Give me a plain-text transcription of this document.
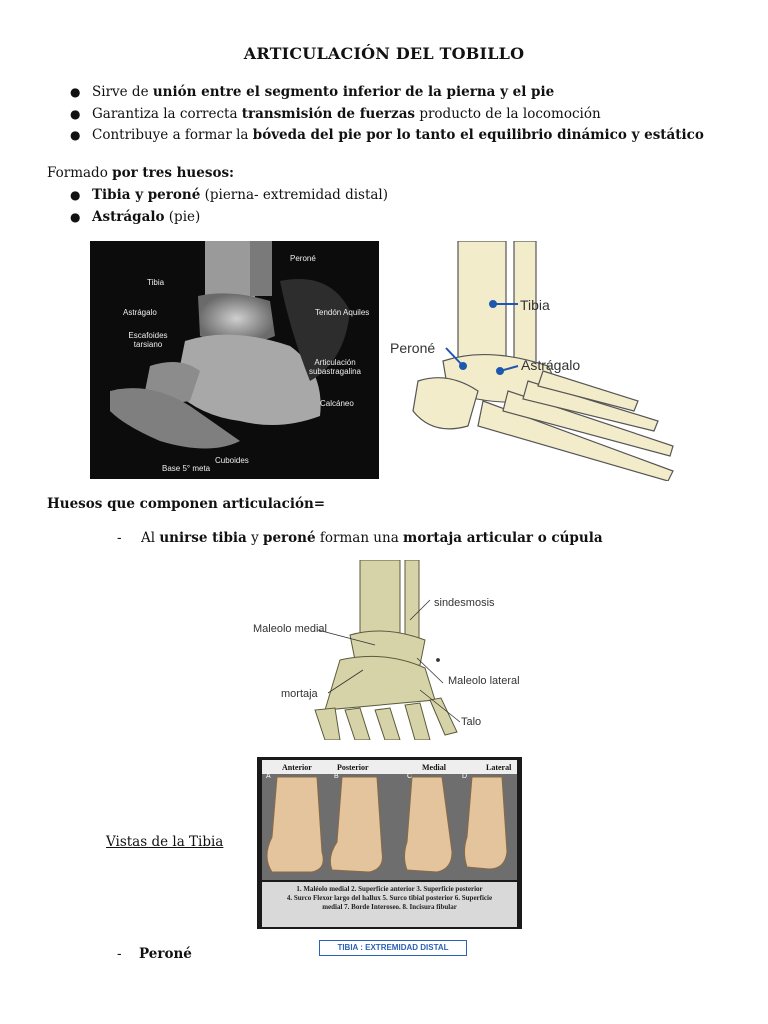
ARTICULACIÓN DEL TOBILLO
● Sirve de unión entre el segmento inferior de la pierna y el pie
● Garantiza la correcta transmisión de fuerzas producto de la locomoción
● Contribuye a formar la bóveda del pie por lo tanto el equilibrio dinámico y estático
Formado por tres huesos:
● Tibia y peroné (pierna- extremidad distal)
● Astrágalo (pie)
Peroné
Tibia
Astrágalo	Tendón Aquiles
Escafoides tarsiano
Articulación subastragalina
Calcáneo
Cuboides
Base 5° meta
Tibia
Peroné
Astrágalo
Huesos que componen articulación=
- Al unirse tibia y peroné forman una mortaja articular o cúpula
sindesmosis
Maleolo medial
Maleolo lateral
mortaja
Talo
Vistas de la Tibia
Anterior	Posterior	Medial	Lateral
A	B	C	D
1. Maléolo medial 2. Superficie anterior 3. Superficie posterior
4. Surco Flexor largo del hallux 5. Surco tibial posterior 6. Superficie
medial 7. Borde Interoseo. 8. Incisura fibular
TIBIA : EXTREMIDAD DISTAL
- Peroné
